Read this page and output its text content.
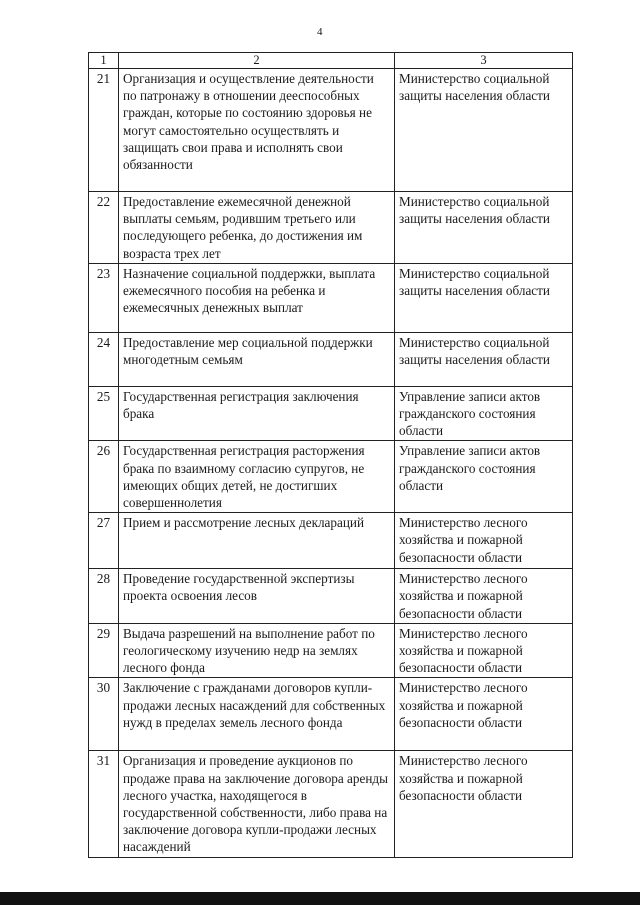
4
1	2	3
21	Организация и осуществление деятельности по патронажу в отношении дееспособных граждан, которые по состоянию здоровья не могут самостоятельно осуществлять и защищать свои права и исполнять свои обязанности	Министерство социальной защиты населения области
22	Предоставление ежемесячной денежной выплаты семьям, родившим третьего или последующего ребенка, до достижения им возраста трех лет	Министерство социальной защиты населения области
23	Назначение социальной поддержки, выплата ежемесячного пособия на ребенка и ежемесячных денежных выплат	Министерство социальной защиты населения области
24	Предоставление мер социальной поддержки многодетным семьям	Министерство социальной защиты населения области
25	Государственная регистрация заключения брака	Управление записи актов гражданского состояния области
26	Государственная регистрация расторжения брака по взаимному согласию супругов, не имеющих общих детей, не достигших совершеннолетия	Управление записи актов гражданского состояния области
27	Прием и рассмотрение лесных деклараций	Министерство лесного хозяйства и пожарной безопасности области
28	Проведение государственной экспертизы проекта освоения лесов	Министерство лесного хозяйства и пожарной безопасности области
29	Выдача разрешений на выполнение работ по геологическому изучению недр на землях лесного фонда	Министерство лесного хозяйства и пожарной безопасности области
30	Заключение с гражданами договоров купли-продажи лесных насаждений для собственных нужд в пределах земель лесного фонда	Министерство лесного хозяйства и пожарной безопасности области
31	Организация и проведение аукционов по продаже права на заключение договора аренды лесного участка, находящегося в государственной собственности, либо права на заключение договора купли-продажи лесных насаждений	Министерство лесного хозяйства и пожарной безопасности области
